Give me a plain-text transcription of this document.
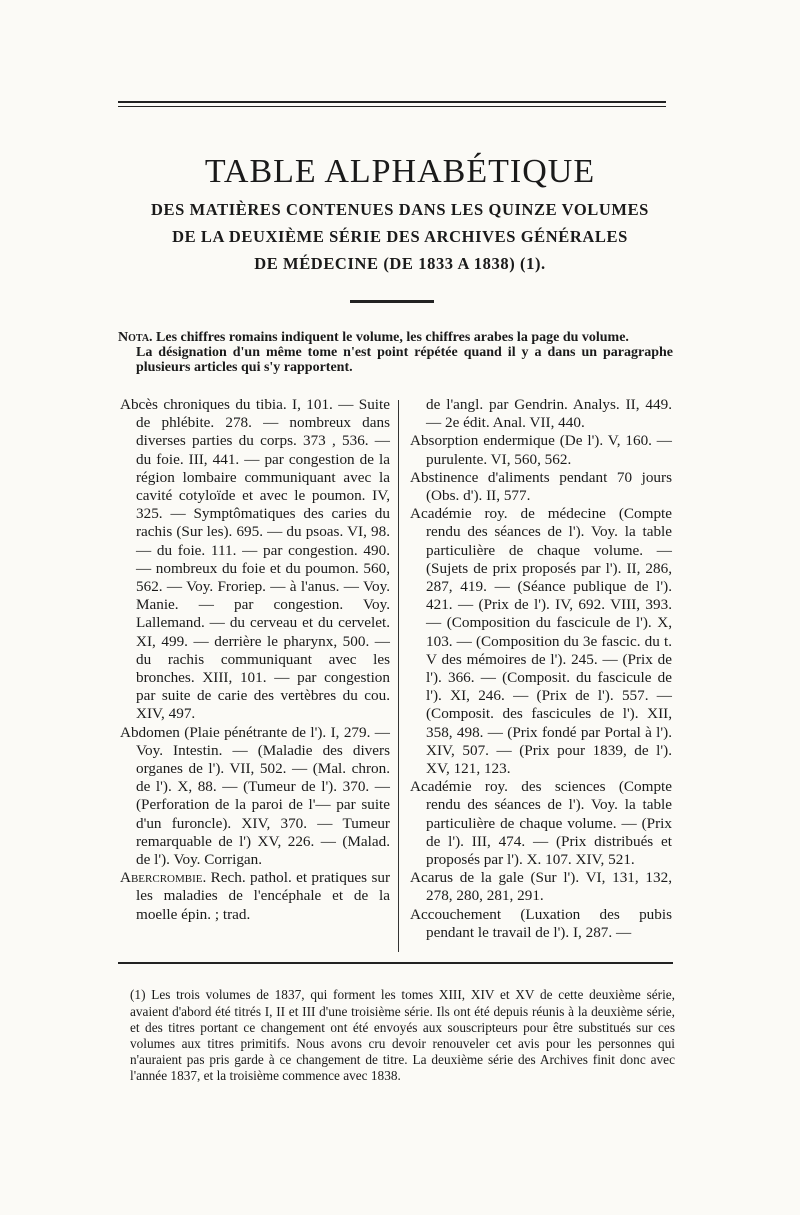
TABLE ALPHABÉTIQUE
DES MATIÈRES CONTENUES DANS LES QUINZE VOLUMES
DE LA DEUXIÈME SÉRIE DES ARCHIVES GÉNÉRALES
DE MÉDECINE (DE 1833 A 1838) (1).

Nota. Les chiffres romains indiquent le volume, les chiffres arabes la page du volume.

La désignation d'un même tome n'est point répétée quand il y a dans un paragraphe plusieurs articles qui s'y rapportent.

Abcès chroniques du tibia. I, 101. — Suite de phlébite. 278. — nombreux dans diverses parties du corps. 373 , 536. — du foie. III, 441. — par congestion de la région lombaire communiquant avec la cavité cotyloïde et avec le poumon. IV, 325. — Symptômatiques des caries du rachis (Sur les). 695. — du psoas. VI, 98. — du foie. 111. — par congestion. 490. — nombreux du foie et du poumon. 560, 562. — Voy. Froriep. — à l'anus. — Voy. Manie. — par congestion. Voy. Lallemand. — du cerveau et du cervelet. XI, 499. — derrière le pharynx, 500. — du rachis communiquant avec les bronches. XIII, 101. — par congestion par suite de carie des vertèbres du cou. XIV, 497.

Abdomen (Plaie pénétrante de l'). I, 279. — Voy. Intestin. — (Maladie des divers organes de l'). VII, 502. — (Mal. chron. de l'). X, 88. — (Tumeur de l'). 370. — (Perforation de la paroi de l'— par suite d'un furoncle). XIV, 370. — Tumeur remarquable de l') XV, 226. — (Malad. de l'). Voy. Corrigan.

Abercrombie. Rech. pathol. et pratiques sur les maladies de l'encéphale et de la moelle épin. ; trad.

de l'angl. par Gendrin. Analys. II, 449. — 2e édit. Anal. VII, 440.

Absorption endermique (De l'). V, 160. — purulente. VI, 560, 562.

Abstinence d'aliments pendant 70 jours (Obs. d'). II, 577.

Académie roy. de médecine (Compte rendu des séances de l'). Voy. la table particulière de chaque volume. — (Sujets de prix proposés par l'). II, 286, 287, 419. — (Séance publique de l'). 421. — (Prix de l'). IV, 692. VIII, 393. — (Composition du fascicule de l'). X, 103. — (Composition du 3e fascic. du t. V des mémoires de l'). 245. — (Prix de l'). 366. — (Composit. du fascicule de l'). XI, 246. — (Prix de l'). 557. — (Composit. des fascicules de l'). XII, 358, 498. — (Prix fondé par Portal à l'). XIV, 507. — (Prix pour 1839, de l'). XV, 121, 123.

Académie roy. des sciences (Compte rendu des séances de l'). Voy. la table particulière de chaque volume. — (Prix de l'). III, 474. — (Prix distribués et proposés par l'). X. 107. XIV, 521.

Acarus de la gale (Sur l'). VI, 131, 132, 278, 280, 281, 291.

Accouchement (Luxation des pubis pendant le travail de l'). I, 287. —

(1) Les trois volumes de 1837, qui forment les tomes XIII, XIV et XV de cette deuxième série, avaient d'abord été titrés I, II et III d'une troisième série. Ils ont été depuis réunis à la deuxième série, et des titres portant ce changement ont été envoyés aux souscripteurs pour être substitués sur ces volumes aux titres primitifs. Nous avons cru devoir renouveler cet avis pour les personnes qui n'auraient pas pris garde à ce changement de titre. La deuxième série des Archives finit donc avec l'année 1837, et la troisième commence avec 1838.
